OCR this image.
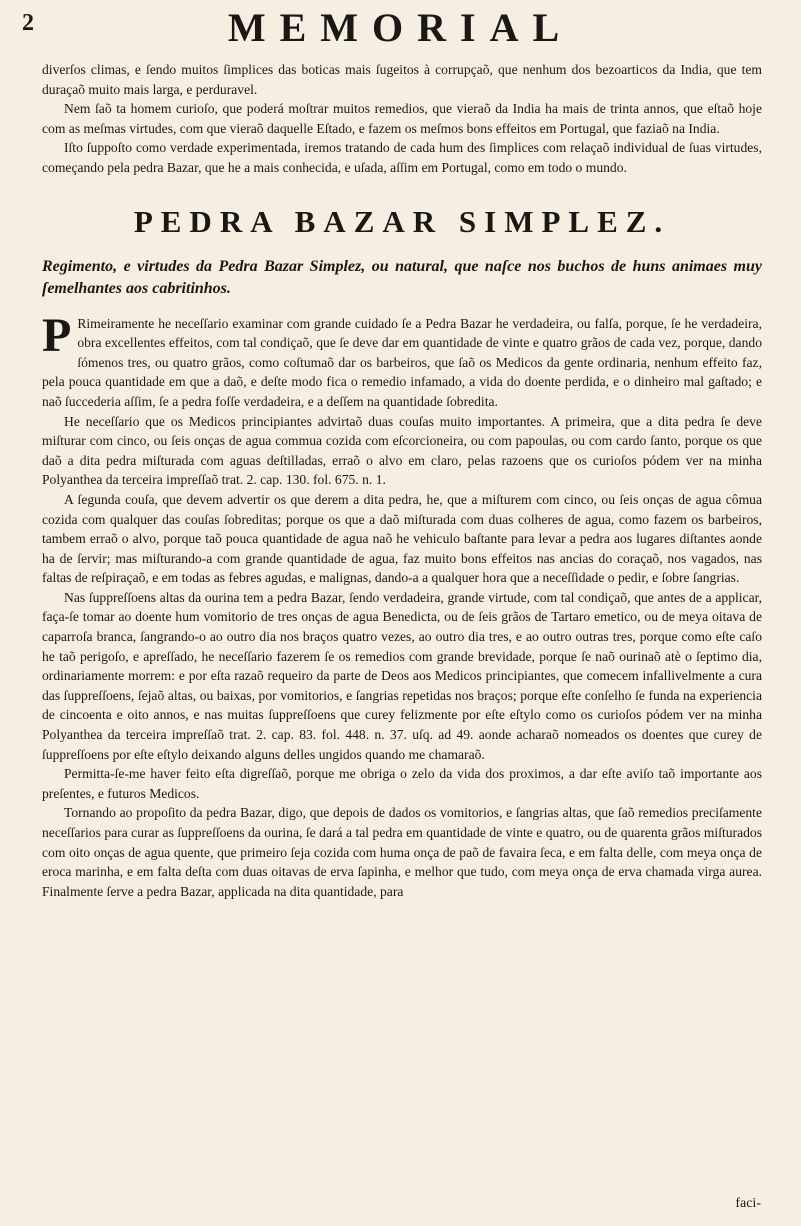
2	MEMORIAL

diverſos climas, e ſendo muitos ſimplices das boticas mais ſugeitos à corrupçaõ, que nenhum dos bezoarticos da India, que tem duraçaõ muito mais larga, e perduravel.

Nem ſaõ ta homem curioſo, que poderá moſtrar muitos remedios, que vieraõ da India ha mais de trinta annos, que eſtaõ hoje com as meſmas virtudes, com que vieraõ daquelle Eſtado, e fazem os meſmos bons effeitos em Portugal, que faziaõ na India.

Iſto ſuppoſto como verdade experimentada, iremos tratando de cada hum des ſimplices com relaçaõ individual de ſuas virtudes, começando pela pedra Bazar, que he a mais conhecida, e uſada, aſſim em Portugal, como em todo o mundo.

PEDRA BAZAR SIMPLEZ.

Regimento, e virtudes da Pedra Bazar Simplez, ou natural, que naſce nos buchos de huns animaes muy ſemelhantes aos cabritinhos.

P Rimeiramente he neceſſario examinar com grande cuidado ſe a Pedra Bazar he verdadeira, ou falſa, porque, ſe he verdadeira, obra excellentes effeitos, com tal condiçaõ, que ſe deve dar em quantidade de vinte e quatro grãos de cada vez, porque, dando ſómenos tres, ou quatro grãos, como coſtumaõ dar os barbeiros, que ſaõ os Medicos da gente ordinaria, nenhum effeito faz, pela pouca quantidade em que a daõ, e deſte modo fica o remedio infamado, a vida do doente perdida, e o dinheiro mal gaſtado; e naõ ſuccederia aſſim, ſe a pedra foſſe verdadeira, e a deſſem na quantidade ſobredita.

He neceſſario que os Medicos principiantes advirtaõ duas couſas muito importantes. A primeira, que a dita pedra ſe deve miſturar com cinco, ou ſeis onças de agua commua cozida com eſcorcioneira, ou com papoulas, ou com cardo ſanto, porque os que daõ a dita pedra miſturada com aguas deſtilladas, erraõ o alvo em claro, pelas razoens que os curioſos pódem ver na minha Polyanthea da terceira impreſſaõ trat. 2. cap. 130. fol. 675. n. 1.

A ſegunda couſa, que devem advertir os que derem a dita pedra, he, que a miſturem com cinco, ou ſeis onças de agua cômua cozida com qualquer das couſas ſobreditas; porque os que a daõ miſturada com duas colheres de agua, como fazem os barbeiros, tambem erraõ o alvo, porque taõ pouca quantidade de agua naõ he vehiculo baſtante para levar a pedra aos lugares diſtantes aonde ha de ſervir; mas miſturando-a com grande quantidade de agua, faz muito bons effeitos nas ancias do coraçaõ, nos vagados, nas faltas de reſpiraçaõ, e em todas as febres agudas, e malignas, dando-a a qualquer hora que a neceſſidade o pedir, e ſobre ſangrias.

Nas ſuppreſſoens altas da ourina tem a pedra Bazar, ſendo verdadeira, grande virtude, com tal condiçaõ, que antes de a applicar, faça-ſe tomar ao doente hum vomitorio de tres onças de agua Benedicta, ou de ſeis grãos de Tartaro emetico, ou de meya oitava de caparroſa branca, ſangrando-o ao outro dia nos braços quatro vezes, ao outro dia tres, e ao outro outras tres, porque como eſte caſo he taõ perigoſo, e apreſſado, he neceſſario fazerem ſe os remedios com grande brevidade, porque ſe naõ ourinaõ atè o ſeptimo dia, ordinariamente morrem: e por eſta razaõ requeiro da parte de Deos aos Medicos principiantes, que comecem infallivelmente a cura das ſuppreſſoens, ſejaõ altas, ou baixas, por vomitorios, e ſangrias repetidas nos braços; porque eſte conſelho ſe funda na experiencia de cincoenta e oito annos, e nas muitas ſuppreſſoens que curey felizmente por eſte eſtylo como os curioſos pódem ver na minha Polyanthea da terceira impreſſaõ trat. 2. cap. 83. fol. 448. n. 37. uſq. ad 49. aonde acharaõ nomeados os doentes que curey de ſuppreſſoens por eſte eſtylo deixando alguns delles ungidos quando me chamaraõ.

Permitta-ſe-me haver feito eſta digreſſaõ, porque me obriga o zelo da vida dos proximos, a dar eſte aviſo taõ importante aos preſentes, e futuros Medicos.

Tornando ao propoſito da pedra Bazar, digo, que depois de dados os vomitorios, e ſangrias altas, que ſaõ remedios preciſamente neceſſarios para curar as ſuppreſſoens da ourina, ſe dará a tal pedra em quantidade de vinte e quatro, ou de quarenta grãos miſturados com oito onças de agua quente, que primeiro ſeja cozida com huma onça de paõ de favaira ſeca, e em falta delle, com meya onça de eroca marinha, e em falta deſta com duas oitavas de erva ſapinha, e melhor que tudo, com meya onça de erva chamada virga aurea. Finalmente ſerve a pedra Bazar, applicada na dita quantidade, para

faci-
